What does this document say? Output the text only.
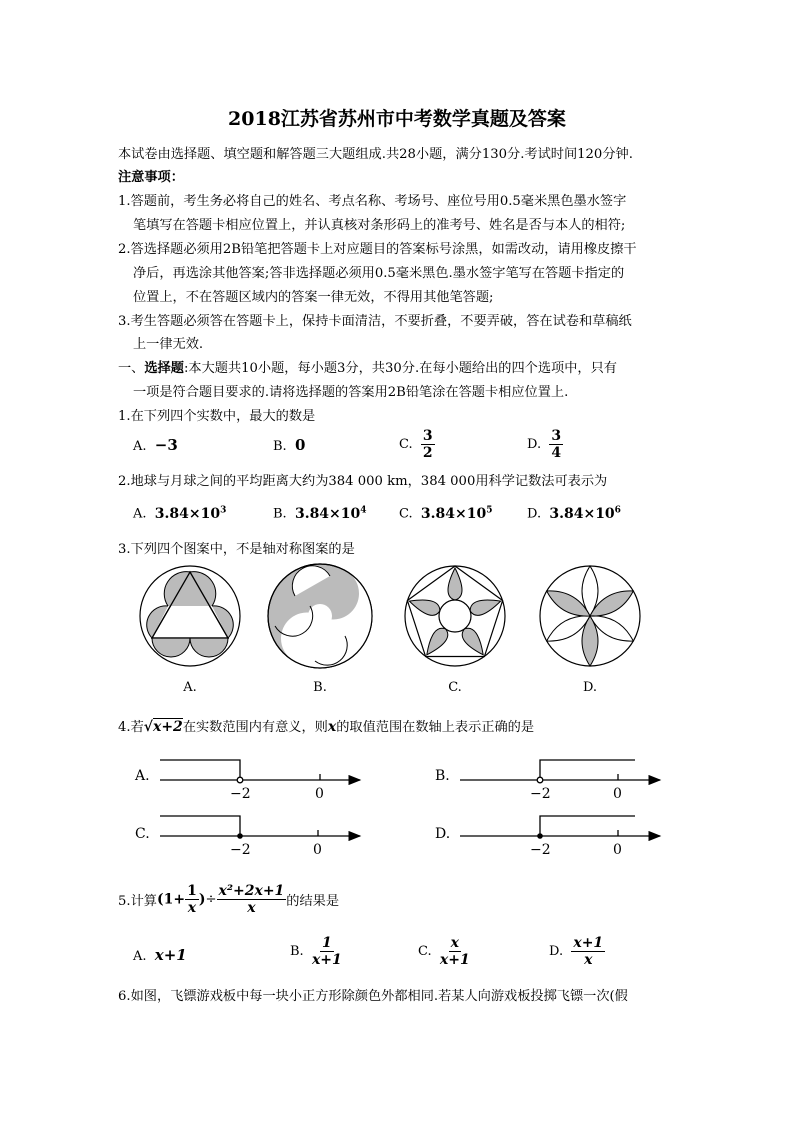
2018江苏省苏州市中考数学真题及答案
本试卷由选择题、填空题和解答题三大题组成.共28小题，满分130分.考试时间120分钟.
注意事项：
1.答题前，考生务必将自己的姓名、考点名称、考场号、座位号用0.5毫米黑色墨水签字
笔填写在答题卡相应位置上，并认真核对条形码上的准考号、姓名是否与本人的相符;
2.答选择题必须用2B铅笔把答题卡上对应题目的答案标号涂黑，如需改动，请用橡皮擦干
净后，再选涂其他答案;答非选择题必须用0.5毫米黑色.墨水签字笔写在答题卡指定的
位置上，不在答题区域内的答案一律无效，不得用其他笔答题;
3.考生答题必须答在答题卡上，保持卡面清洁，不要折叠，不要弄破，答在试卷和草稿纸
上一律无效.
一、选择题:本大题共10小题，每小题3分，共30分.在每小题给出的四个选项中，只有
一项是符合题目要求的.请将选择题的答案用2B铅笔涂在答题卡相应位置上.
1.在下列四个实数中，最大的数是
A. −3	B. 0	C. $\frac{3}{2}$	D. $\frac{3}{4}$
2.地球与月球之间的平均距离大约为384 000 km，384 000用科学记数法可表示为
A. $3.84\times 10^3$	B. $3.84\times 10^4$ C. $3.84\times 10^5$	D. $3.84\times 10^6$
3.下列四个图案中，不是轴对称图案的是
A.	B.	C.	D.
4.若√x+2在实数范围内有意义，则x的取值范围在数轴上表示正确的是
A.
−2	0
B.
−2	0
C.
−2	0
D.
−2	0
5.计算($1+ \frac{1}{x}$ )÷ $\frac{\text{x²+2x+1}}{x}$ 的结果是
A. x+1	B. $\frac{1}{x+1}$	C. $\frac{x}{x+1}$	D. $\frac{x+1}{x}$
6.如图，飞镖游戏板中每一块小正方形除颜色外都相同.若某人向游戏板投掷飞镖一次(假
